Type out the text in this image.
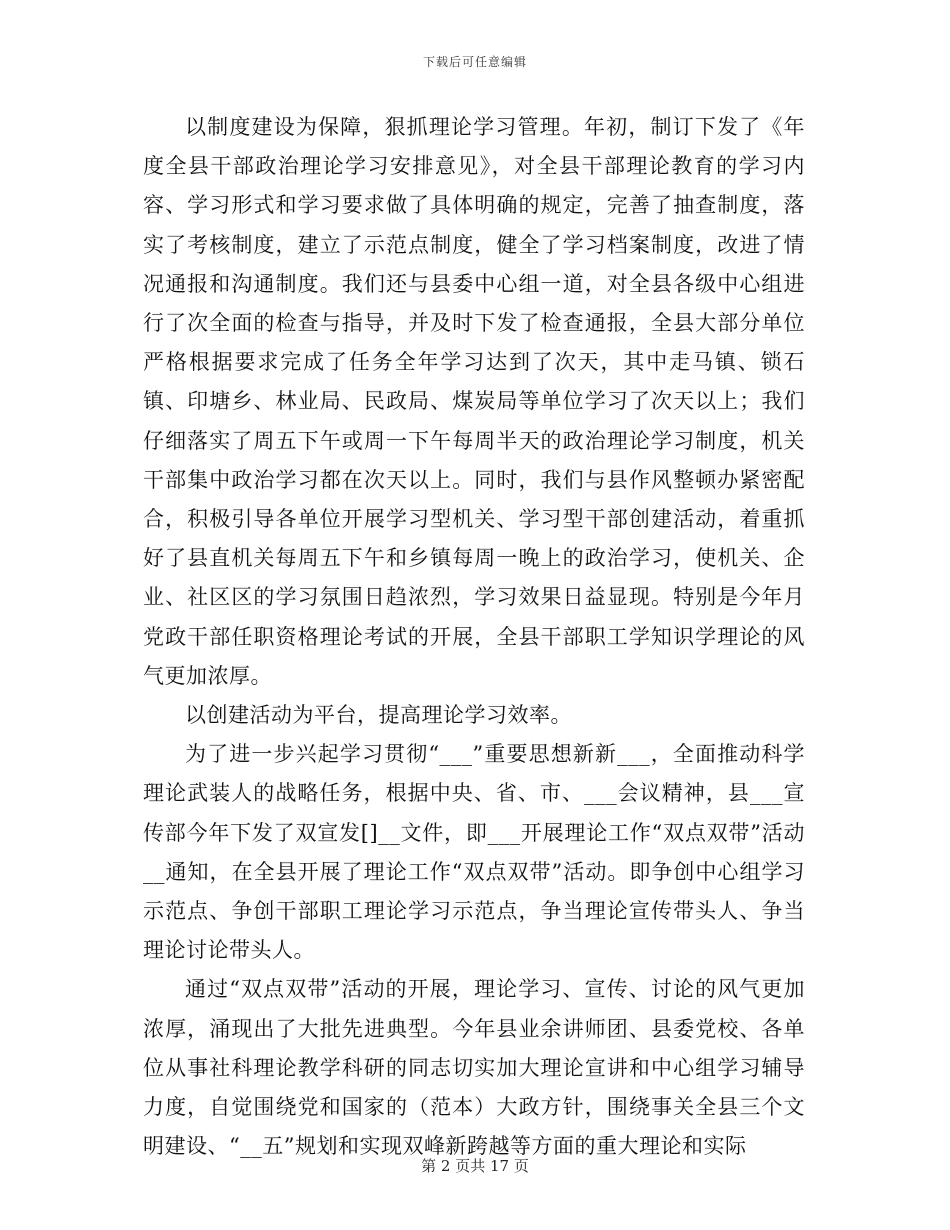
下载后可任意编辑

以制度建设为保障，狠抓理论学习管理。年初，制订下发了《年度全县干部政治理论学习安排意见》，对全县干部理论教育的学习内容、学习形式和学习要求做了具体明确的规定，完善了抽查制度，落实了考核制度，建立了示范点制度，健全了学习档案制度，改进了情况通报和沟通制度。我们还与县委中心组一道，对全县各级中心组进行了次全面的检查与指导，并及时下发了检查通报，全县大部分单位严格根据要求完成了任务全年学习达到了次天，其中走马镇、锁石镇、印塘乡、林业局、民政局、煤炭局等单位学习了次天以上；我们仔细落实了周五下午或周一下午每周半天的政治理论学习制度，机关干部集中政治学习都在次天以上。同时，我们与县作风整顿办紧密配合，积极引导各单位开展学习型机关、学习型干部创建活动，着重抓好了县直机关每周五下午和乡镇每周一晚上的政治学习，使机关、企业、社区区的学习氛围日趋浓烈，学习效果日益显现。特别是今年月党政干部任职资格理论考试的开展，全县干部职工学知识学理论的风气更加浓厚。

以创建活动为平台，提高理论学习效率。

为了进一步兴起学习贯彻“___”重要思想新新___，全面推动科学理论武装人的战略任务，根据中央、省、市、___会议精神，县___宣传部今年下发了双宣发[]__文件，即___开展理论工作“双点双带”活动__通知，在全县开展了理论工作“双点双带”活动。即争创中心组学习示范点、争创干部职工理论学习示范点，争当理论宣传带头人、争当理论讨论带头人。

通过“双点双带”活动的开展，理论学习、宣传、讨论的风气更加浓厚，涌现出了大批先进典型。今年县业余讲师团、县委党校、各单位从事社科理论教学科研的同志切实加大理论宣讲和中心组学习辅导力度，自觉围绕党和国家的（范本）大政方针，围绕事关全县三个文明建设、“__五”规划和实现双峰新跨越等方面的重大理论和实际

第 2 页共 17 页
